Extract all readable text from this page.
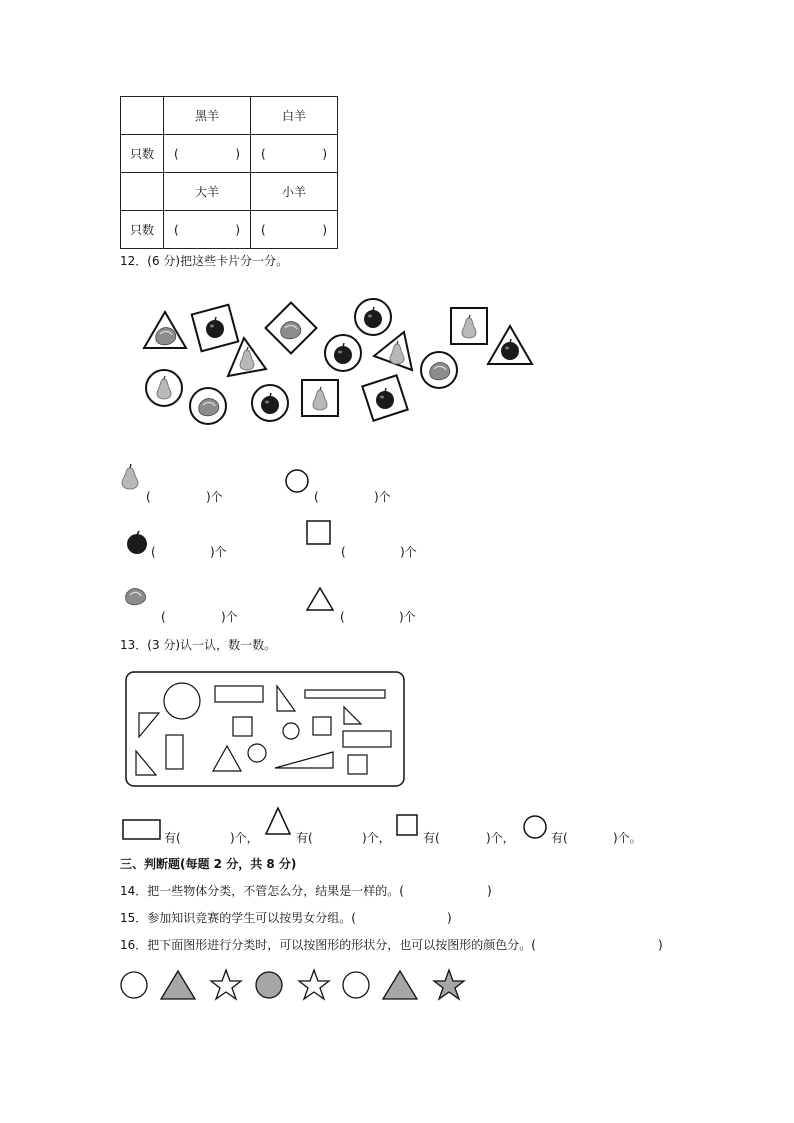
	黑羊	白羊
只数	( )	( )

	大羊	小羊
只数	( )	( )
12．(6 分)把这些卡片分一分。
(	)个	(	)个
(	)个	(	)个
(	)个	(	)个
13．(3 分)认一认，数一数。
有(	)个，	有(	)个，	有(	)个，	有(	)个。
三、判断题(每题 2 分，共 8 分)
14．把一些物体分类，不管怎么分，结果是一样的。(	)
15．参加知识竞赛的学生可以按男女分组。(	)
16．把下面图形进行分类时，可以按图形的形状分，也可以按图形的颜色分。(	)
